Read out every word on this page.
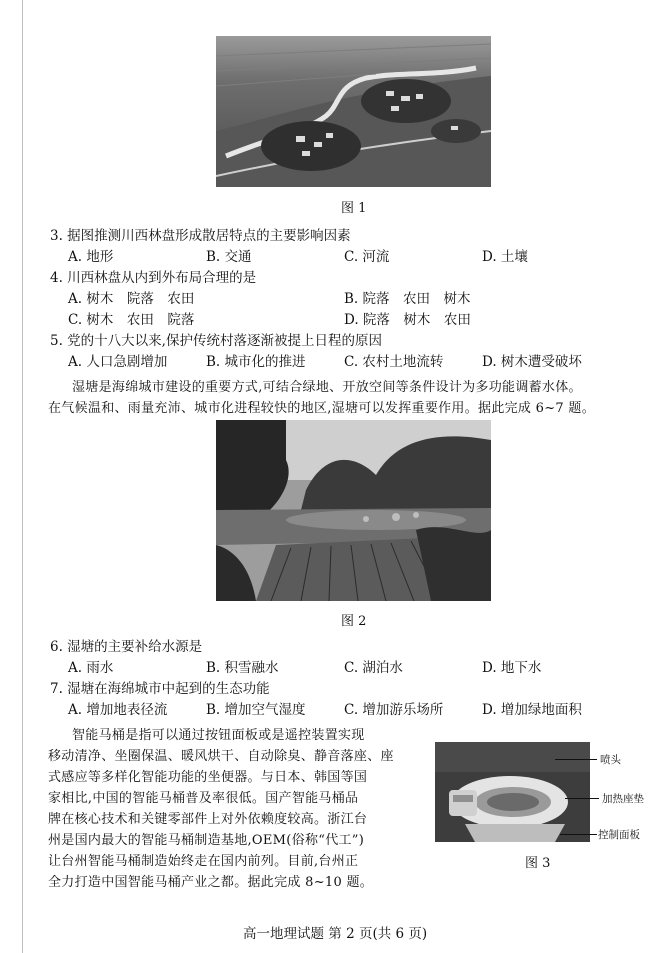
图 1
3. 据图推测川西林盘形成散居特点的主要影响因素
A. 地形	B. 交通	C. 河流	D. 土壤
4. 川西林盘从内到外布局合理的是
A. 树木　院落　农田	B. 院落　农田　树木
C. 树木　农田　院落	D. 院落　树木　农田
5. 党的十八大以来,保护传统村落逐渐被提上日程的原因
A. 人口急剧增加	B. 城市化的推进	C. 农村土地流转	D. 树木遭受破坏
湿塘是海绵城市建设的重要方式,可结合绿地、开放空间等条件设计为多功能调蓄水体。
在气候温和、雨量充沛、城市化进程较快的地区,湿塘可以发挥重要作用。据此完成 6~7 题。
图 2
6. 湿塘的主要补给水源是
A. 雨水	B. 积雪融水	C. 湖泊水	D. 地下水
7. 湿塘在海绵城市中起到的生态功能
A. 增加地表径流	B. 增加空气湿度	C. 增加游乐场所	D. 增加绿地面积
智能马桶是指可以通过按钮面板或是遥控装置实现
移动清净、坐圈保温、暖风烘干、自动除臭、静音落座、座
式感应等多样化智能功能的坐便器。与日本、韩国等国
家相比,中国的智能马桶普及率很低。国产智能马桶品
牌在核心技术和关键零部件上对外依赖度较高。浙江台
州是国内最大的智能马桶制造基地,OEM(俗称“代工”)
让台州智能马桶制造始终走在国内前列。目前,台州正
全力打造中国智能马桶产业之都。据此完成 8~10 题。
喷头
加热座垫
控制面板
图 3
高一地理试题 第 2 页(共 6 页)
